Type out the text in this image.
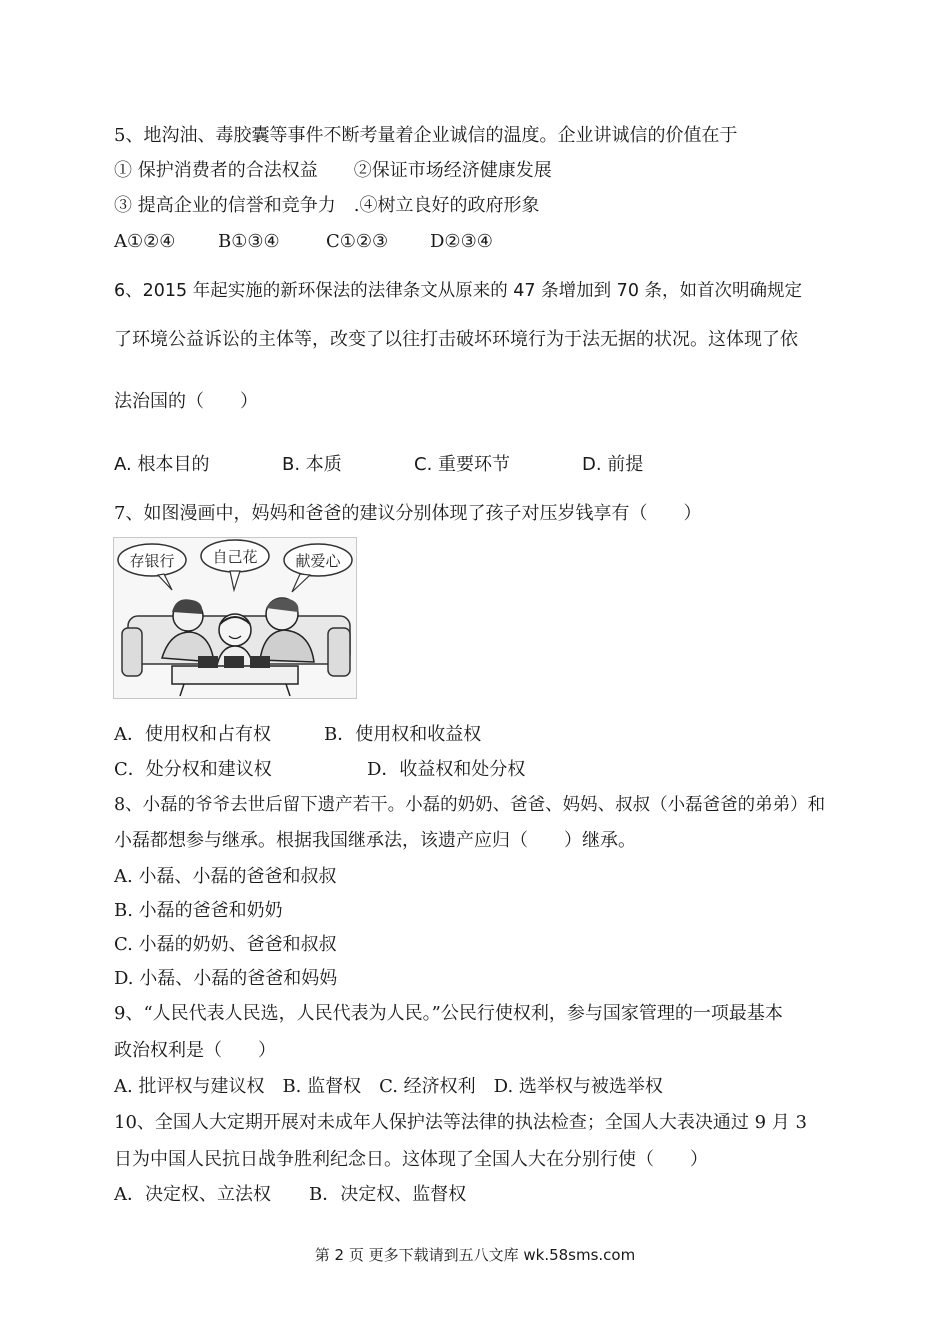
5、地沟油、毒胶囊等事件不断考量着企业诚信的温度。企业讲诚信的价值在于
① 保护消费者的合法权益　　②保证市场经济健康发展
③ 提高企业的信誉和竞争力　.④树立良好的政府形象
A①②④ B①③④	C①②③ D②③④
6、2015 年起实施的新环保法的法律条文从原来的 47 条增加到 70 条，如首次明确规定
了环境公益诉讼的主体等，改变了以往打击破坏环境行为于法无据的状况。这体现了依
法治国的（　　）
A. 根本目的	B. 本质	C. 重要环节	D. 前提
7、如图漫画中，妈妈和爸爸的建议分别体现了孩子对压岁钱享有（　　）
存银行	自己花	献爱心
A．使用权和占有权	B．使用权和收益权
C．处分权和建议权	D．收益权和处分权
8、小磊的爷爷去世后留下遗产若干。小磊的奶奶、爸爸、妈妈、叔叔（小磊爸爸的弟弟）和
小磊都想参与继承。根据我国继承法，该遗产应归（　　）继承。
A. 小磊、小磊的爸爸和叔叔
B. 小磊的爸爸和奶奶
C. 小磊的奶奶、爸爸和叔叔
D. 小磊、小磊的爸爸和妈妈
9、“人民代表人民选，人民代表为人民。”公民行使权利，参与国家管理的一项最基本
政治权利是（　　）
A. 批评权与建议权　B. 监督权　C. 经济权利　D. 选举权与被选举权
10、全国人大定期开展对未成年人保护法等法律的执法检查；全国人大表决通过 9 月 3
日为中国人民抗日战争胜利纪念日。这体现了全国人大在分别行使（　　）
A．决定权、立法权 B．决定权、监督权
第 2 页 更多下载请到五八文库 wk.58sms.com
